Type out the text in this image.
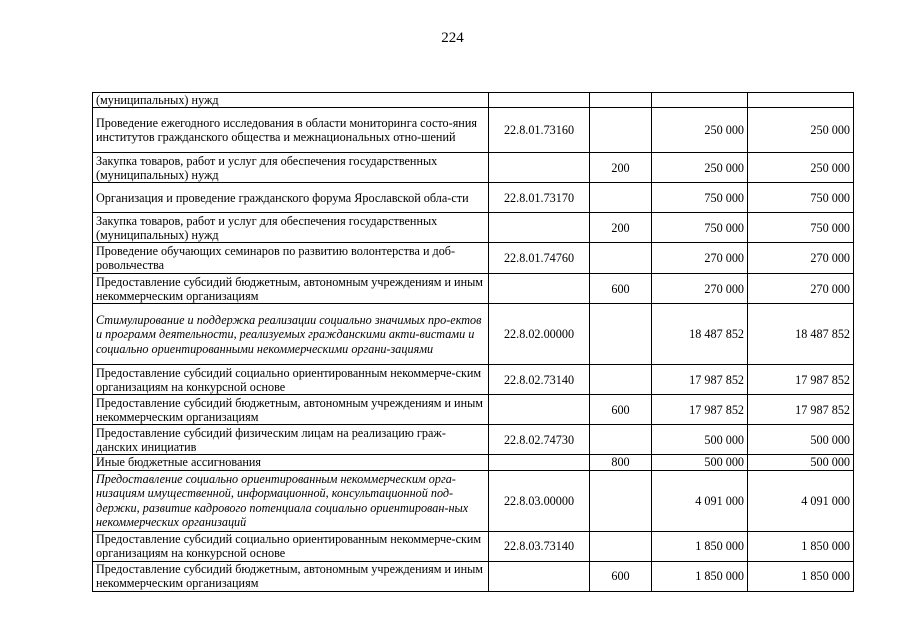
224
(муниципальных) нужд				
Проведение ежегодного исследования в области мониторинга состо-яния институтов гражданского общества и межнациональных отно-шений	22.8.01.73160		250 000	250 000
Закупка товаров, работ и услуг для обеспечения государственных (муниципальных) нужд		200	250 000	250 000
Организация и проведение гражданского форума Ярославской обла-сти	22.8.01.73170		750 000	750 000
Закупка товаров, работ и услуг для обеспечения государственных (муниципальных) нужд		200	750 000	750 000
Проведение обучающих семинаров по развитию волонтерства и доб-ровольчества	22.8.01.74760		270 000	270 000
Предоставление субсидий бюджетным, автономным учреждениям и иным некоммерческим организациям		600	270 000	270 000
Стимулирование и поддержка реализации социально значимых про-ектов и программ деятельности, реализуемых гражданскими акти-вистами и социально ориентированными некоммерческими органи-зациями	22.8.02.00000		18 487 852	18 487 852
Предоставление субсидий социально ориентированным некоммерче-ским организациям на конкурсной основе	22.8.02.73140		17 987 852	17 987 852
Предоставление субсидий бюджетным, автономным учреждениям и иным некоммерческим организациям		600	17 987 852	17 987 852
Предоставление субсидий физическим лицам на реализацию граж-данских инициатив	22.8.02.74730		500 000	500 000
Иные бюджетные ассигнования		800	500 000	500 000
Предоставление социально ориентированным некоммерческим орга-низациям имущественной, информационной, консультационной под-держки, развитие кадрового потенциала социально ориентирован-ных некоммерческих организаций	22.8.03.00000		4 091 000	4 091 000
Предоставление субсидий социально ориентированным некоммерче-ским организациям на конкурсной основе	22.8.03.73140		1 850 000	1 850 000
Предоставление субсидий бюджетным, автономным учреждениям и иным некоммерческим организациям		600	1 850 000	1 850 000
